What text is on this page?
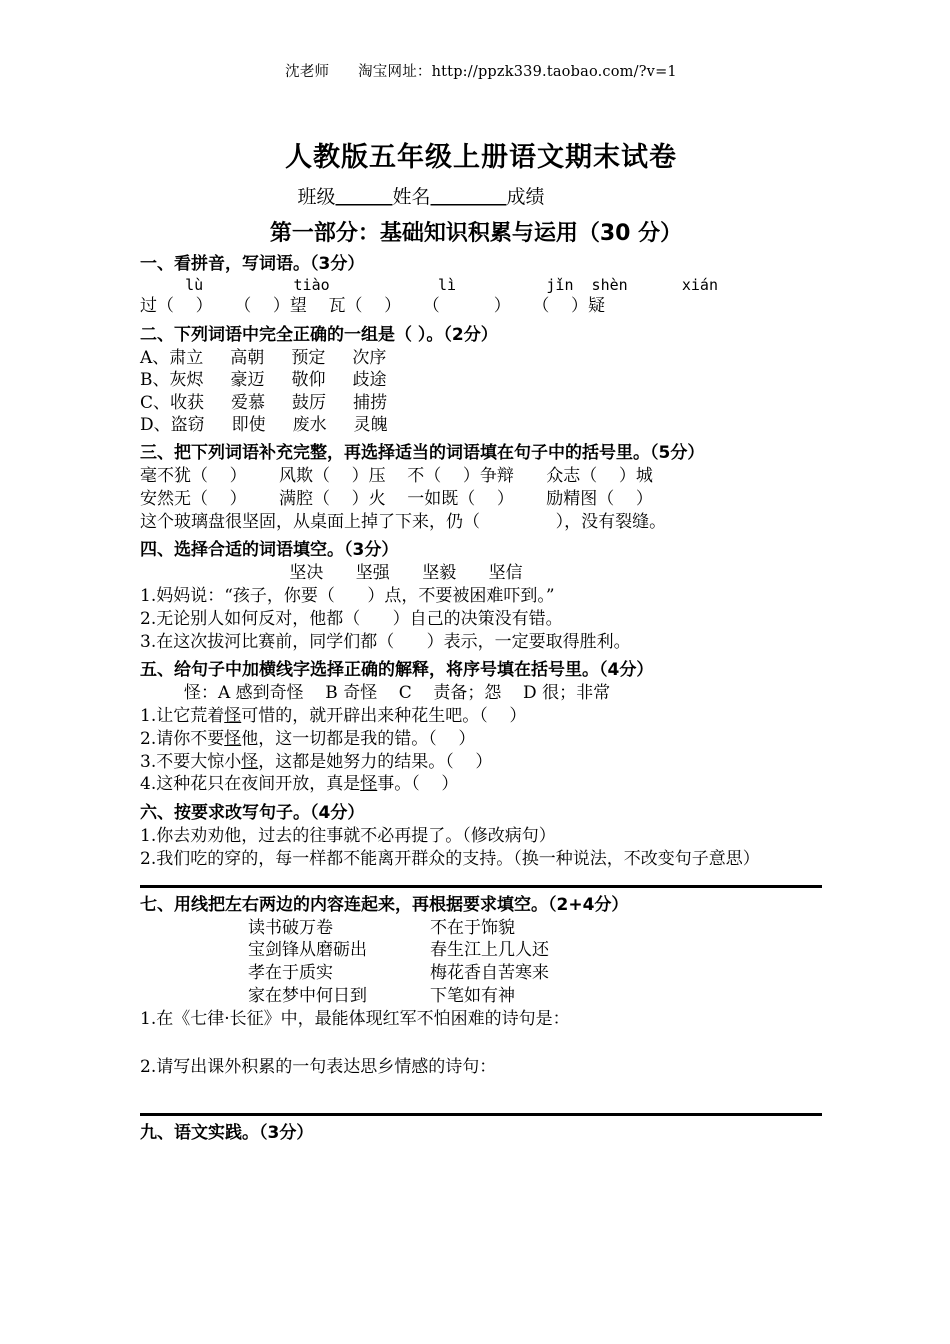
沈老师 淘宝网址：http://ppzk339.taobao.com/?v=1
人教版五年级上册语文期末试卷
班级＿＿＿姓名＿＿＿＿成绩
第一部分：基础知识积累与运用（30 分）
一、看拼音，写词语。（3分）
lù          tiào            lì          jǐn  shèn      xián
过（    ）    （    ）望    瓦（    ）    （          ）    （    ）疑
二、下列词语中完全正确的一组是（ ）。（2分）
A、肃立     高朝     预定     次序
B、灰烬     豪迈     敬仰     歧途
C、收获     爱慕     鼓厉     捕捞
D、盗窃     即使     废水     灵魄
三、把下列词语补充完整，再选择适当的词语填在句子中的括号里。（5分）
毫不犹（    ）      风欺（    ）压    不（    ）争辩      众志（    ）城
安然无（    ）      满腔（    ）火    一如既（    ）      励精图（    ）
这个玻璃盘很坚固，从桌面上掉了下来，仍（              ），没有裂缝。
四、选择合适的词语填空。（3分）
坚决      坚强      坚毅      坚信
1.妈妈说：“孩子，你要（      ）点，不要被困难吓到。”
2.无论别人如何反对，他都（      ）自己的决策没有错。
3.在这次拔河比赛前，同学们都（      ）表示，一定要取得胜利。
五、给句子中加横线字选择正确的解释，将序号填在括号里。（4分）
怪：A 感到奇怪    B 奇怪    C    责备；怨    D 很；非常
1.让它荒着怪可惜的，就开辟出来种花生吧。（    ）
2.请你不要怪他，这一切都是我的错。（    ）
3.不要大惊小怪，这都是她努力的结果。（    ）
4.这种花只在夜间开放，真是怪事。（    ）
六、按要求改写句子。（4分）
1.你去劝劝他，过去的往事就不必再提了。（修改病句）
2.我们吃的穿的，每一样都不能离开群众的支持。（换一种说法，不改变句子意思）
七、用线把左右两边的内容连起来，再根据要求填空。（2+4分）
读书破万卷	不在于饰貌
宝剑锋从磨砺出	春生江上几人还
孝在于质实	梅花香自苦寒来
家在梦中何日到	下笔如有神
1.在《七律·长征》中，最能体现红军不怕困难的诗句是：
2.请写出课外积累的一句表达思乡情感的诗句：
九、语文实践。（3分）
